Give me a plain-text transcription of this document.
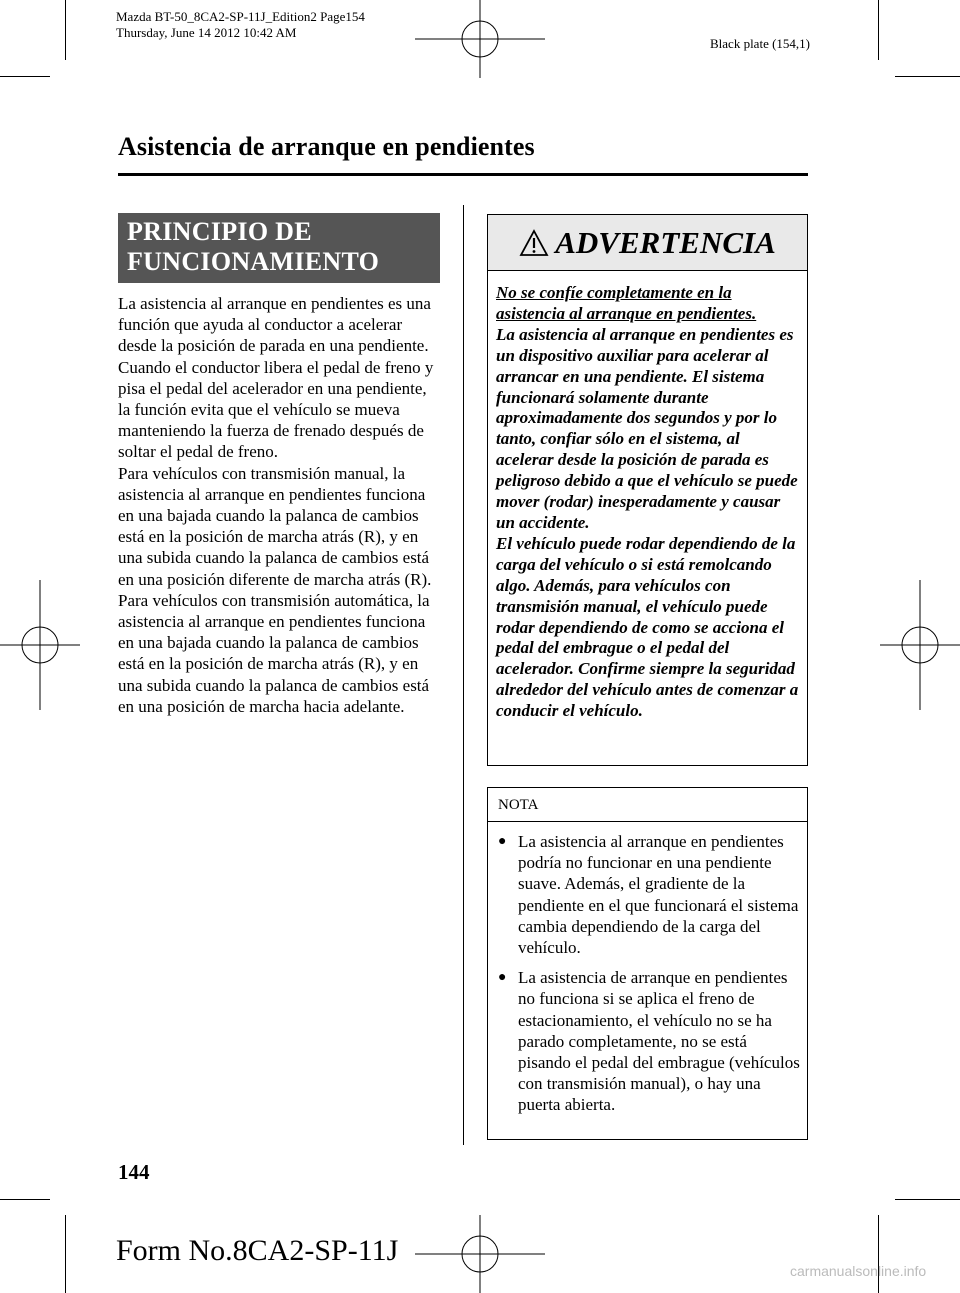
Mazda BT-50_8CA2-SP-11J_Edition2 Page154
Thursday, June 14 2012 10:42 AM
Black plate (154,1)
Asistencia de arranque en pendientes
PRINCIPIO DE
FUNCIONAMIENTO

La asistencia al arranque en pendientes es una función que ayuda al conductor a acelerar desde la posición de parada en una pendiente. Cuando el conductor libera el pedal de freno y pisa el pedal del acelerador en una pendiente, la función evita que el vehículo se mueva manteniendo la fuerza de frenado después de soltar el pedal de freno.

Para vehículos con transmisión manual, la asistencia al arranque en pendientes funciona en una bajada cuando la palanca de cambios está en la posición de marcha atrás (R), y en una subida cuando la palanca de cambios está en una posición diferente de marcha atrás (R).

Para vehículos con transmisión automática, la asistencia al arranque en pendientes funciona en una bajada cuando la palanca de cambios está en la posición de marcha atrás (R), y en una subida cuando la palanca de cambios está en una posición de marcha hacia adelante.

ADVERTENCIA
No se confíe completamente en la asistencia al arranque en pendientes.
La asistencia al arranque en pendientes es un dispositivo auxiliar para acelerar al arrancar en una pendiente. El sistema funcionará solamente durante aproximadamente dos segundos y por lo tanto, confiar sólo en el sistema, al acelerar desde la posición de parada es peligroso debido a que el vehículo se puede mover (rodar) inesperadamente y causar un accidente.
El vehículo puede rodar dependiendo de la carga del vehículo o si está remolcando algo. Además, para vehículos con transmisión manual, el vehículo puede rodar dependiendo de como se acciona el pedal del embrague o el pedal del acelerador. Confirme siempre la seguridad alrededor del vehículo antes de comenzar a conducir el vehículo.
NOTA
● La asistencia al arranque en pendientes podría no funcionar en una pendiente suave. Además, el gradiente de la pendiente en el que funcionará el sistema cambia dependiendo de la carga del vehículo.
● La asistencia de arranque en pendientes no funciona si se aplica el freno de estacionamiento, el vehículo no se ha parado completamente, no se está pisando el pedal del embrague (vehículos con transmisión manual), o hay una puerta abierta.
144
Form No.8CA2-SP-11J
carmanualsonline.info
